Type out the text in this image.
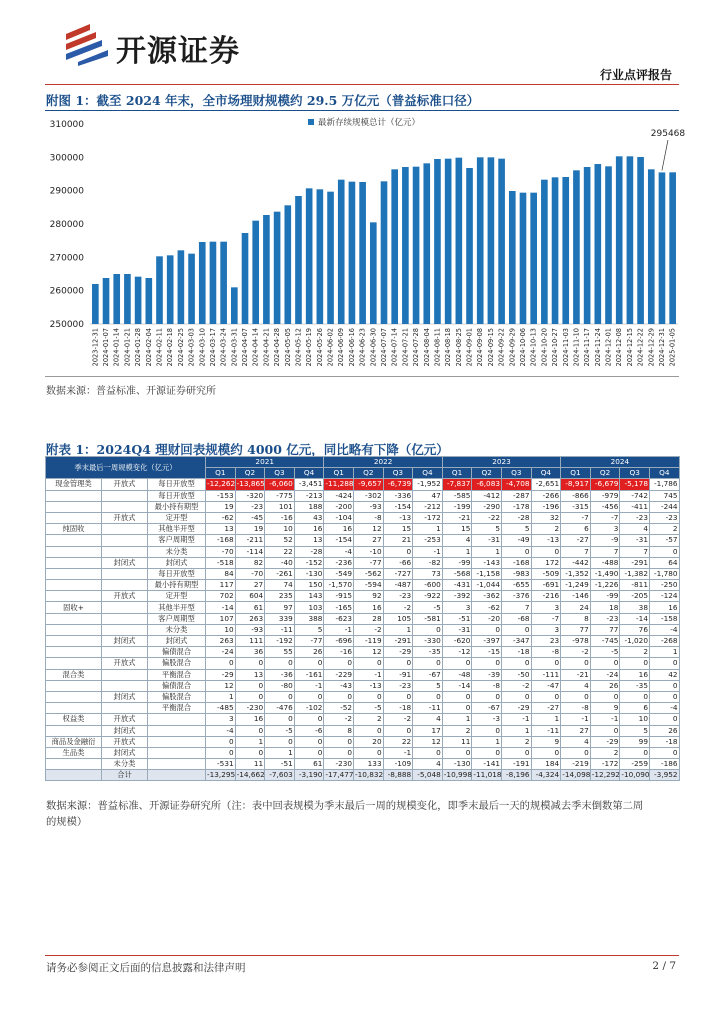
开源证券
行业点评报告
附图 1：截至 2024 年末，全市场理财规模约 29.5 万亿元（普益标准口径）
250000
260000
270000
280000
290000
300000
310000
2023-12-31 2024-01-07 2024-01-14 2024-01-21 2024-01-28 2024-02-04 2024-02-11 2024-02-18 2024-02-25 2024-03-03 2024-03-10 2024-03-17 2024-03-24 2024-03-31 2024-04-07 2024-04-14 2024-04-21 2024-04-28 2024-05-05 2024-05-12 2024-05-19 2024-05-26 2024-06-02 2024-06-09 2024-06-16 2024-06-23 2024-06-30 2024-07-07 2024-07-14 2024-07-21 2024-07-28 2024-08-04 2024-08-11 2024-08-18 2024-08-25 2024-09-01 2024-09-08 2024-09-15 2024-09-22 2024-09-29 2024-10-06 2024-10-13 2024-10-20 2024-10-27 2024-11-03 2024-11-10 2024-11-17 2024-11-24 2024-12-01 2024-12-08 2024-12-15 2024-12-22 2024-12-29 2024-12-31 2025-01-05
最新存续规模总计（亿元）
295468
数据来源：普益标准、开源证券研究所
附表 1：2024Q4 理财回表规模约 4000 亿元，同比略有下降（亿元）
季末最后一周规模变化（亿元）			2021				2022				2023				2024			
			Q1	Q2	Q3	Q4	Q1	Q2	Q3	Q4	Q1	Q2	Q3	Q4	Q1	Q2	Q3	Q4
现金管理类	开放式	每日开放型	-12,262	-13,865	-6,060	-3,451	-11,288	-9,657	-6,739	-1,952	-7,837	-6,083	-4,708	-2,651	-8,917	-6,679	-5,178	-1,786
		每日开放型	-153	-320	-775	-213	-424	-302	-336	47	-585	-412	-287	-266	-866	-979	-742	745
		最小持有期型	19	-23	101	188	-200	-93	-154	-212	-199	-290	-178	-196	-315	-456	-411	-244
	开放式	定开型	-62	-45	-16	43	-104	-8	-13	-172	-21	-22	-28	32	-7	-7	-23	-23
纯固收		其他半开型	13	19	10	16	16	12	15	1	15	5	5	2	6	3	4	2
		客户周期型	-168	-211	52	13	-154	27	21	-253	4	-31	-49	-13	-27	-9	-31	-57
		未分类	-70	-114	22	-28	-4	-10	0	-1	1	1	0	0	7	7	7	0
	封闭式	封闭式	-518	82	-40	-152	-236	-77	-66	-82	-99	-143	-168	172	-442	-488	-291	64
		每日开放型	84	-70	-261	-130	-549	-562	-727	73	-568	-1,158	-983	-509	-1,352	-1,490	-1,382	-1,780
		最小持有期型	117	27	74	150	-1,570	-594	-487	-600	-431	-1,044	-655	-691	-1,249	-1,226	-811	-250
	开放式	定开型	702	604	235	143	-915	92	-23	-922	-392	-362	-376	-216	-146	-99	-205	-124
固收+		其他半开型	-14	61	97	103	-165	16	-2	-5	3	-62	7	3	24	18	38	16
		客户周期型	107	263	339	388	-623	28	105	-581	-51	-20	-68	-7	8	-23	-14	-158
		未分类	10	-93	-11	5	-1	-2	1	0	-31	0	0	3	77	77	76	-4
	封闭式	封闭式	263	111	-192	-77	-696	-119	-291	-330	-620	-397	-347	23	-978	-745	-1,020	-268
		偏债混合	-24	36	55	26	-16	12	-29	-35	-12	-15	-18	-8	-2	-5	2	1
	开放式	偏股混合	0	0	0	0	0	0	0	0	0	0	0	0	0	0	0	0
混合类		平衡混合	-29	13	-36	-161	-229	-1	-91	-67	-48	-39	-50	-111	-21	-24	16	42
		偏债混合	12	0	-80	-1	-43	-13	-23	5	-14	-8	-2	-47	4	26	-35	0
	封闭式	偏股混合	1	0	0	0	0	0	0	0	0	0	0	0	0	0	0	0
		平衡混合	-485	-230	-476	-102	-52	-5	-18	-11	0	-67	-29	-27	-8	9	6	-4
权益类	开放式		3	16	0	0	-2	2	-2	4	1	-3	-1	1	-1	-1	10	0
	封闭式		-4	0	-5	-6	8	0	0	17	2	0	1	-11	27	0	5	26
商品及金融衍	开放式		0	1	0	0	0	20	22	12	11	1	2	9	4	-29	99	-18
生品类	封闭式		0	0	1	0	0	0	-1	0	0	0	0	0	0	2	0	0
	未分类		-531	11	-51	61	-230	133	-109	4	-130	-141	-191	184	-219	-172	-259	-186
	合计		-13,295	-14,662	-7,603	-3,190	-17,477	-10,832	-8,888	-5,048	-10,998	-11,018	-8,196	-4,324	-14,098	-12,292	-10,090	-3,952
数据来源：普益标准、开源证券研究所（注：表中回表规模为季末最后一周的规模变化，即季末最后一天的规模减去季末倒数第二周
的规模）
请务必参阅正文后面的信息披露和法律声明	2 / 7
